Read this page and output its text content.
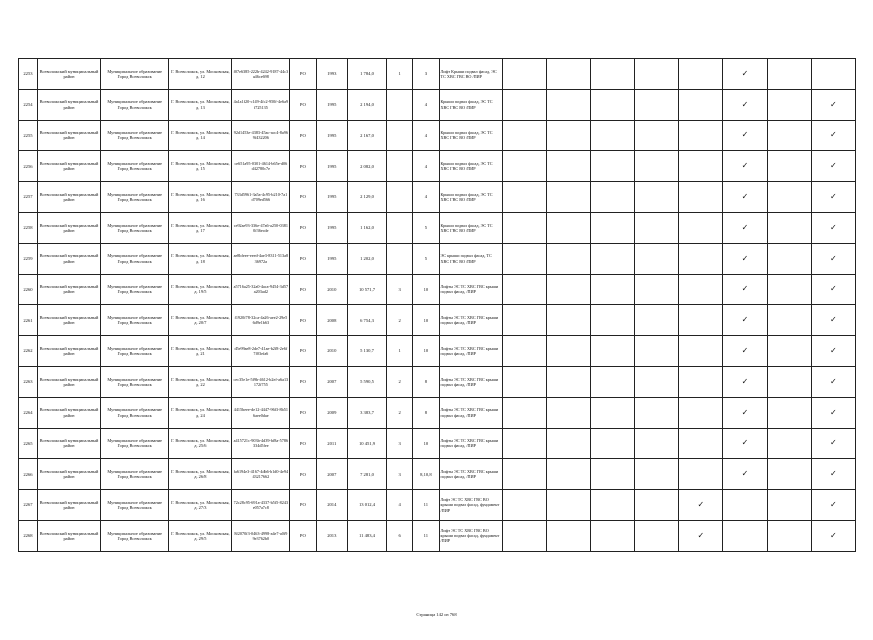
2253	Всеволожский муниципальный район	Муниципальное образование Город Всеволожск	Г. Всеволожск, ул. Московская, д. 12	f07e6385-222b-4242-9187-44c3a46ce698	РО	1993	1 784,0	1	3	Лифт Крыши подвал фасад, ЭС ТС ХВС ГВС ВО /ПИР						✓		
2254	Всеволожский муниципальный район	Муниципальное образование Город Всеволожск	Г. Всеволожск, ул. Московская, д. 13	4a1a1f20-c149-4fc2-950f-4e6a9f725135	РО	1995	2 194,0		4	Крыши подвал фасад, ЭС ТС ХВС ГВС ВО /ПИР						✓		✓
2255	Всеволожский муниципальный район	Муниципальное образование Город Всеволожск	Г. Всеволожск, ул. Московская, д. 14	92d1453e-4383-45ac-acc4-8a969f432206	РО	1995	2 167,0		4	Крыши подвал фасад, ЭС ТС ХВС ГВС ВО /ПИР						✓		✓
2256	Всеволожский муниципальный район	Муниципальное образование Город Всеволожск	Г. Всеволожск, ул. Московская, д. 15	ce651a95-0301-4614-b65e-d06d42780c7e	РО	1995	2 082,0		4	Крыши подвал фасад, ЭС ТС ХВС ГВС ВО /ПИР						✓		✓
2257	Всеволожский муниципальный район	Муниципальное образование Город Всеволожск	Г. Всеволожск, ул. Московская, д. 16	733d5961-3a5a-4c95-b210-7a1d709ed566	РО	1995	2 129,0		4	Крыши подвал фасад, ЭС ТС ХВС ГВС ВО /ПИР						✓		✓
2258	Всеволожский муниципальный район	Муниципальное образование Город Всеволожск	Г. Всеволожск, ул. Московская, д. 17	ce92ae93-336e-47a6-a250-03810f36ecde	РО	1995	1 162,0		5	Крыши подвал фасад, ЭС ТС ХВС ГВС ВО /ПИР						✓		✓
2259	Всеволожский муниципальный район	Муниципальное образование Город Всеволожск	Г. Всеволожск, ул. Московская, д. 18	ae8bfeee-eeed-4ae3-8311-513a836972a	РО	1995	1 202,0		5	ЭС крыши подвал фасад, ТС ХВС ГВС ВО /ПИР						✓		✓
2260	Всеволожский муниципальный район	Муниципальное образование Город Всеволожск	Г. Всеволожск, ул. Московская, д. 19/5	a5716a25-32a0-4aca-9454-3d57a203ad2	РО	2010	10 571,7	3	10	Лифты ЭС ТС ХВС ГВС крыши подвал фасад, /ПИР						✓		✓
2261	Всеволожский муниципальный район	Муниципальное образование Город Всеволожск	Г. Всеволожск, ул. Московская, д. 20/7	f1920f78-32ca-4a26-aee2-29e56d9e1b63	РО	2008	6 754,3	2	10	Лифты ЭС ТС ХВС ГВС крыши подвал фасад, /ПИР						✓		✓
2262	Всеволожский муниципальный район	Муниципальное образование Город Всеволожск	Г. Всеволожск, ул. Московская, д. 21	d5e99ae8-2de7-41ae-b2f8-2e6f7f03efa6	РО	2010	5 130,7	1	10	Лифты ЭС ТС ХВС ГВС крыши подвал фасад, /ПИР						✓		✓
2263	Всеволожский муниципальный район	Муниципальное образование Город Всеволожск	Г. Всеволожск, ул. Московская, д. 22	cec35e1e-5f9b-4612-b2ef-a6a13172f755	РО	2007	5 590,5	2	8	Лифты ЭС ТС ХВС ГВС крыши подвал фасад, /ПИР						✓		✓
2264	Всеволожский муниципальный район	Муниципальное образование Город Всеволожск	Г. Всеволожск, ул. Московская, д. 24	4415beee-de12-4447-96f3-8b516aee0dae	РО	2009	3 383,7	2	8	Лифты ЭС ТС ХВС ГВС крыши подвал фасад, /ПИР						✓		✓
2265	Всеволожский муниципальный район	Муниципальное образование Город Всеволожск	Г. Всеволожск, ул. Московская, д. 25/6	a415721c-903b-4d39-bf8a-5786334d5fee	РО	2011	10 451,9	3	10	Лифты ЭС ТС ХВС ГВС крыши подвал фасад, /ПИР						✓		✓
2266	Всеволожский муниципальный район	Муниципальное образование Город Всеволожск	Г. Всеволожск, ул. Московская, д. 26/8	fa6194e3-4167-4db6-b1d0-4e9443217662	РО	2007	7 281,0	3	8,10,8	Лифты ЭС ТС ХВС ГВС крыши подвал фасад, /ПИР						✓		✓
2267	Всеволожский муниципальный район	Муниципальное образование Город Всеволожск	Г. Всеволожск, ул. Московская, д. 27/3	72c28c95-691a-4337-b5f5-8243e057a7c8	РО	2014	13 012,4	4	11	Лифт ЭС ТС ХВС ГВС ВО крыши подвал фасад, фундамент /ПИР					✓			✓
2268	Всеволожский муниципальный район	Муниципальное образование Город Всеволожск	Г. Всеволожск, ул. Московская, д. 29/5	8f2070f3-0463-4998-a4e7-a0f99e3762b0	РО	2013	11 483,4	6	11	Лифт ЭС ТС ХВС ГВС ВО крыши подвал фасад, фундамент /ПИР					✓			✓
Страница 142 из 768
